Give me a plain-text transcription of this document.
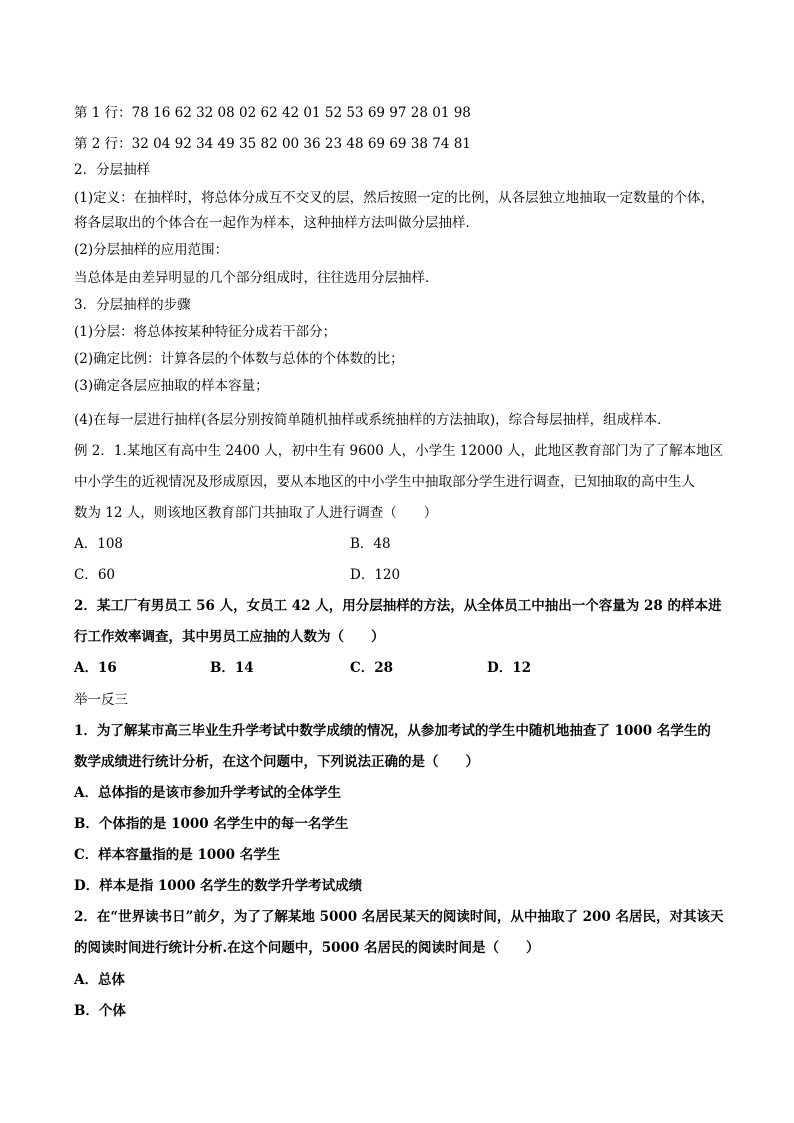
第 1 行：78 16 62 32 08 02 62 42 01 52 53 69 97 28 01 98
第 2 行：32 04 92 34 49 35 82 00 36 23 48 69 69 38 74 81
2．分层抽样
(1)定义：在抽样时，将总体分成互不交叉的层，然后按照一定的比例，从各层独立地抽取一定数量的个体，
将各层取出的个体合在一起作为样本，这种抽样方法叫做分层抽样．
(2)分层抽样的应用范围：
当总体是由差异明显的几个部分组成时，往往选用分层抽样．
3．分层抽样的步骤
(1)分层：将总体按某种特征分成若干部分；
(2)确定比例：计算各层的个体数与总体的个体数的比；
(3)确定各层应抽取的样本容量；
(4)在每一层进行抽样(各层分别按简单随机抽样或系统抽样的方法抽取)，综合每层抽样，组成样本．
例 2．1.某地区有高中生 2400 人，初中生有 9600 人，小学生 12000 人，此地区教育部门为了了解本地区
中小学生的近视情况及形成原因，要从本地区的中小学生中抽取部分学生进行调查，已知抽取的高中生人
数为 12 人，则该地区教育部门共抽取了人进行调查（　　）
A．108	B．48
C．60	D．120
2．某工厂有男员工 56 人，女员工 42 人，用分层抽样的方法，从全体员工中抽出一个容量为 28 的样本进
行工作效率调查，其中男员工应抽的人数为（　　）
A．16	B．14	C．28	D．12
举一反三
1．为了解某市高三毕业生升学考试中数学成绩的情况，从参加考试的学生中随机地抽查了 1000 名学生的
数学成绩进行统计分析，在这个问题中，下列说法正确的是（　　）
A．总体指的是该市参加升学考试的全体学生
B．个体指的是 1000 名学生中的每一名学生
C．样本容量指的是 1000 名学生
D．样本是指 1000 名学生的数学升学考试成绩
2．在“世界读书日”前夕，为了了解某地 5000 名居民某天的阅读时间，从中抽取了 200 名居民，对其该天
的阅读时间进行统计分析.在这个问题中，5000 名居民的阅读时间是（　　）
A．总体
B．个体
